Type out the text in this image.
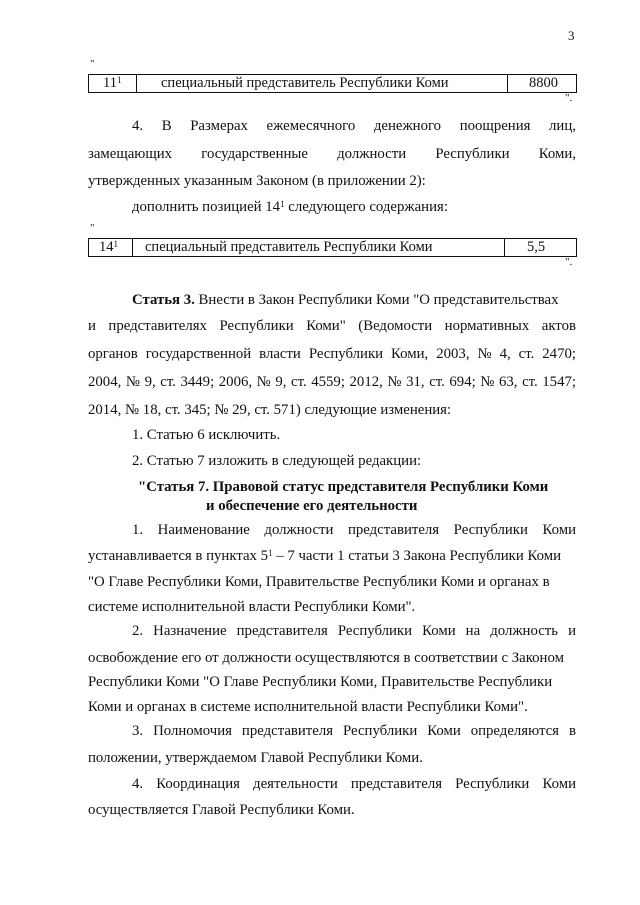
3
"
$11^1$	специальный представитель Республики Коми	8800
".
4. В Размерах ежемесячного денежного поощрения лиц,
замещающих государственные должности Республики Коми,
утвержденных указанным Законом (в приложении 2):
дополнить позицией $14^1$ следующего содержания:
"
$14^1$ специальный представитель Республики Коми	5,5
".
Статья 3. Внести в Закон Республики Коми "О представительствах
и представителях Республики Коми" (Ведомости нормативных актов
органов государственной власти Республики Коми, 2003, № 4, ст. 2470;
2004, № 9, ст. 3449; 2006, № 9, ст. 4559; 2012, № 31, ст. 694; № 63, ст. 1547;
2014, № 18, ст. 345; № 29, ст. 571) следующие изменения:
1. Статью 6 исключить.
2. Статью 7 изложить в следующей редакции:
"Статья 7. Правовой статус представителя Республики Коми
и обеспечение его деятельности
1. Наименование должности представителя Республики Коми
устанавливается в пунктах $5^1 - 7$ части 1 статьи 3 Закона Республики Коми
"О Главе Республики Коми, Правительстве Республики Коми и органах в
системе исполнительной власти Республики Коми".
2. Назначение представителя Республики Коми на должность и
освобождение его от должности осуществляются в соответствии с Законом
Республики Коми "О Главе Республики Коми, Правительстве Республики
Коми и органах в системе исполнительной власти Республики Коми".
3. Полномочия представителя Республики Коми определяются в
положении, утверждаемом Главой Республики Коми.
4. Координация деятельности представителя Республики Коми
осуществляется Главой Республики Коми.
